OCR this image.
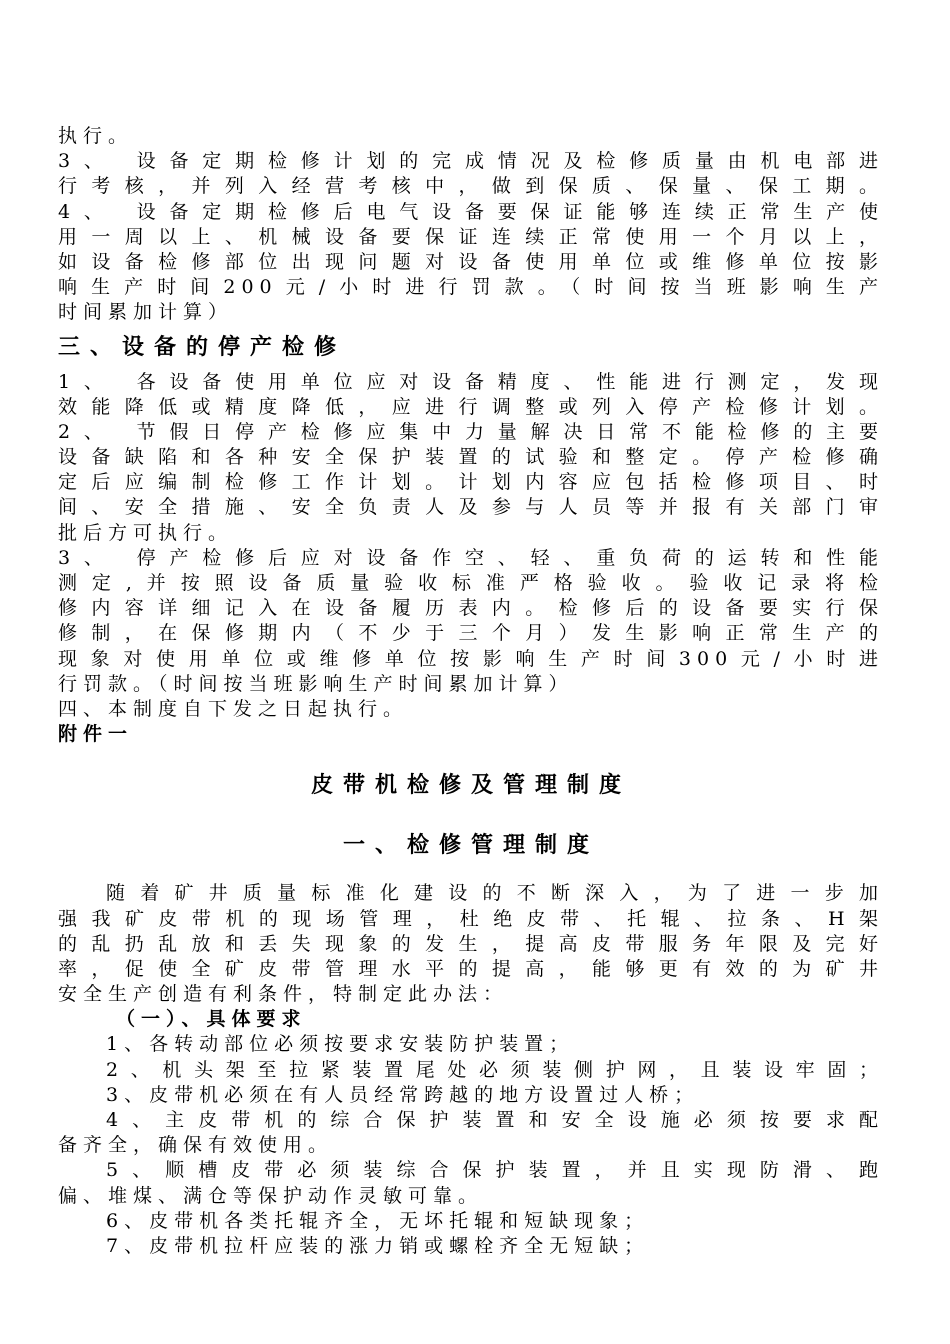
执行。
3、 设备定期检修计划的完成情况及检修质量由机电部进
行考核，并列入经营考核中，做到保质、保量、保工期。
4、 设备定期检修后电气设备要保证能够连续正常生产使
用一周以上、机械设备要保证连续正常使用一个月以上，
如设备检修部位出现问题对设备使用单位或维修单位按影
响生产时间200元/小时进行罚款。（时间按当班影响生产
时间累加计算）
三、设备的停产检修
1、 各设备使用单位应对设备精度、性能进行测定，发现
效能降低或精度降低，应进行调整或列入停产检修计划。
2、 节假日停产检修应集中力量解决日常不能检修的主要
设备缺陷和各种安全保护装置的试验和整定。停产检修确
定后应编制检修工作计划。计划内容应包括检修项目、时
间、安全措施、安全负责人及参与人员等并报有关部门审
批后方可执行。
3、 停产检修后应对设备作空、轻、重负荷的运转和性能
测定,并按照设备质量验收标准严格验收。验收记录将检
修内容详细记入在设备履历表内。检修后的设备要实行保
修制，在保修期内（不少于三个月）发生影响正常生产的
现象对使用单位或维修单位按影响生产时间300元/小时进
行罚款。（时间按当班影响生产时间累加计算）
四、本制度自下发之日起执行。
附件一
皮带机检修及管理制度
一、检修管理制度
随着矿井质量标准化建设的不断深入，为了进一步加
强我矿皮带机的现场管理，杜绝皮带、托辊、拉条、H架
的乱扔乱放和丢失现象的发生，提高皮带服务年限及完好
率，促使全矿皮带管理水平的提高，能够更有效的为矿井
安全生产创造有利条件，特制定此办法：
（一）、具体要求
1、各转动部位必须按要求安装防护装置；
2、机头架至拉紧装置尾处必须装侧护网，且装设牢固；
3、皮带机必须在有人员经常跨越的地方设置过人桥；
4、主皮带机的综合保护装置和安全设施必须按要求配
备齐全，确保有效使用。
5、顺槽皮带必须装综合保护装置，并且实现防滑、跑
偏、堆煤、满仓等保护动作灵敏可靠。
6、皮带机各类托辊齐全，无坏托辊和短缺现象；
7、皮带机拉杆应装的涨力销或螺栓齐全无短缺；
